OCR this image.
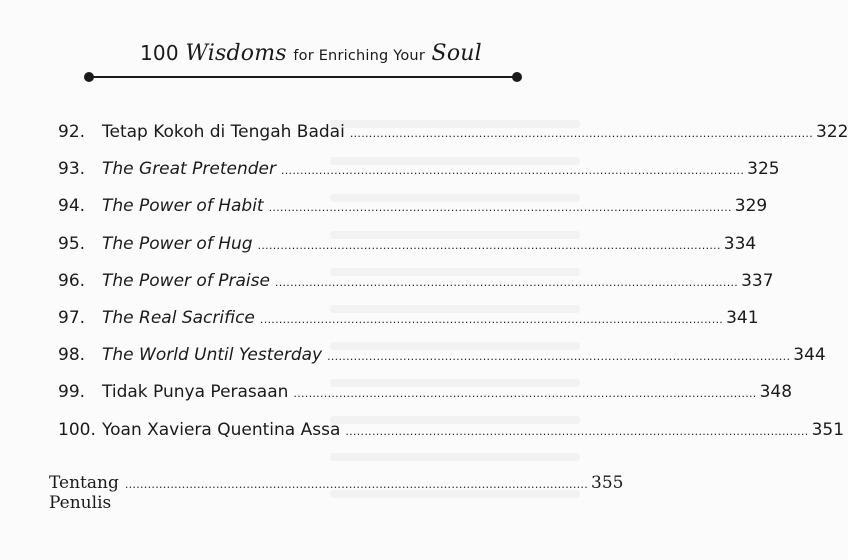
100 Wisdoms for Enriching Your Soul
92. Tetap Kokoh di Tengah Badai .......................................................................................................................... 322
93. The Great Pretender .......................................................................................................................... 325
94. The Power of Habit .......................................................................................................................... 329
95. The Power of Hug .......................................................................................................................... 334
96. The Power of Praise .......................................................................................................................... 337
97. The Real Sacrifice .......................................................................................................................... 341
98. The World Until Yesterday .......................................................................................................................... 344
99. Tidak Punya Perasaan .......................................................................................................................... 348
100. Yoan Xaviera Quentina Assa .......................................................................................................................... 351
Tentang Penulis
.......................................................................................................................... 355
